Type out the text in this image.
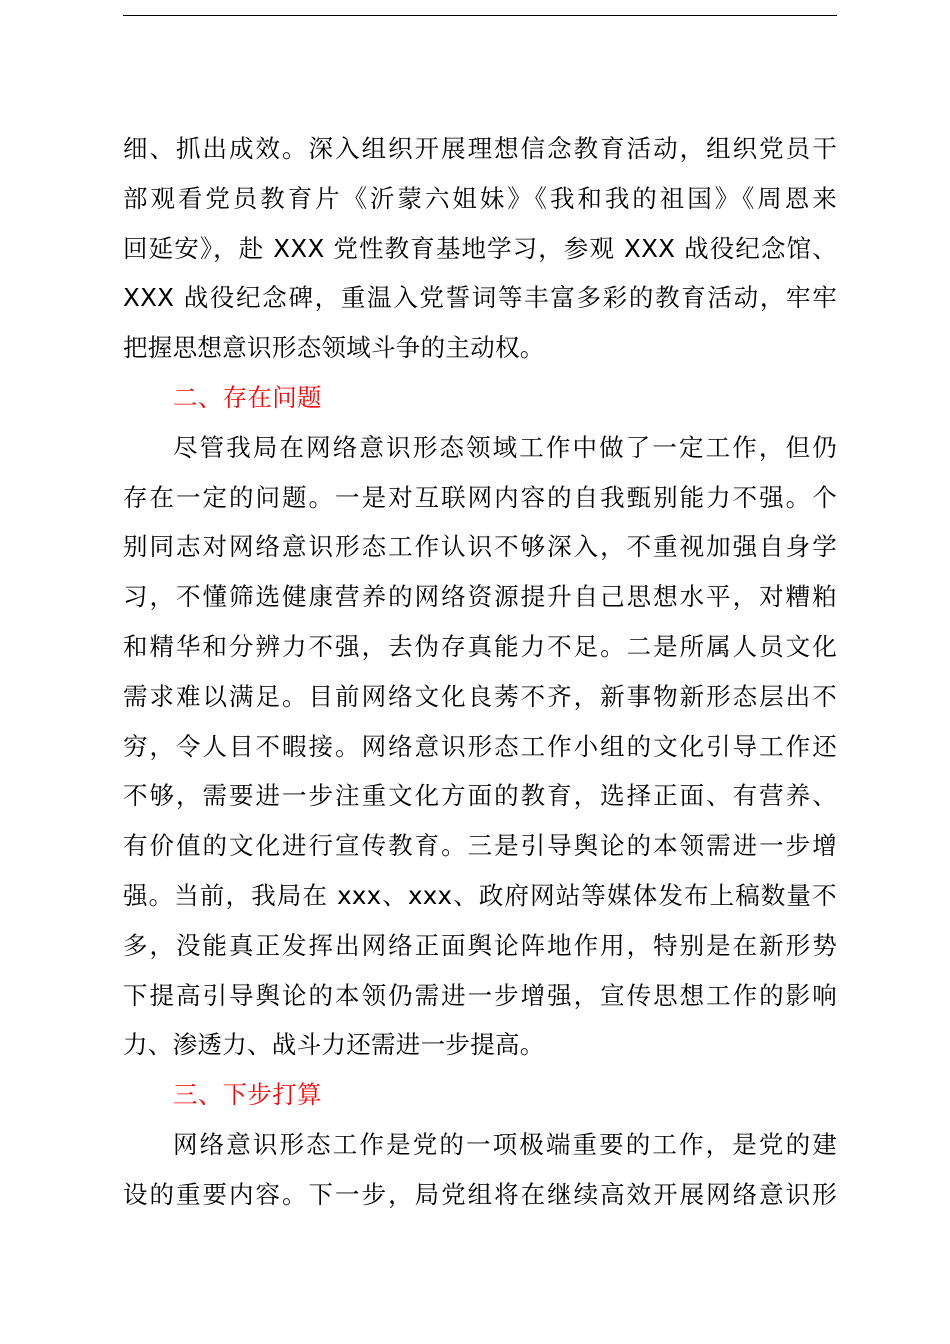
细、抓出成效。深入组织开展理想信念教育活动，组织党员干
部观看党员教育片《沂蒙六姐妹》《我和我的祖国》《周恩来
回延安》，赴 XXX 党性教育基地学习，参观 XXX 战役纪念馆、
XXX 战役纪念碑，重温入党誓词等丰富多彩的教育活动，牢牢
把握思想意识形态领域斗争的主动权。
二、存在问题
尽管我局在网络意识形态领域工作中做了一定工作，但仍
存在一定的问题。一是对互联网内容的自我甄别能力不强。个
别同志对网络意识形态工作认识不够深入，不重视加强自身学
习，不懂筛选健康营养的网络资源提升自己思想水平，对糟粕
和精华和分辨力不强，去伪存真能力不足。二是所属人员文化
需求难以满足。目前网络文化良莠不齐，新事物新形态层出不
穷，令人目不暇接。网络意识形态工作小组的文化引导工作还
不够，需要进一步注重文化方面的教育，选择正面、有营养、
有价值的文化进行宣传教育。三是引导舆论的本领需进一步增
强。当前，我局在 xxx、xxx、政府网站等媒体发布上稿数量不
多，没能真正发挥出网络正面舆论阵地作用，特别是在新形势
下提高引导舆论的本领仍需进一步增强，宣传思想工作的影响
力、渗透力、战斗力还需进一步提高。
三、下步打算
网络意识形态工作是党的一项极端重要的工作，是党的建
设的重要内容。下一步，局党组将在继续高效开展网络意识形
